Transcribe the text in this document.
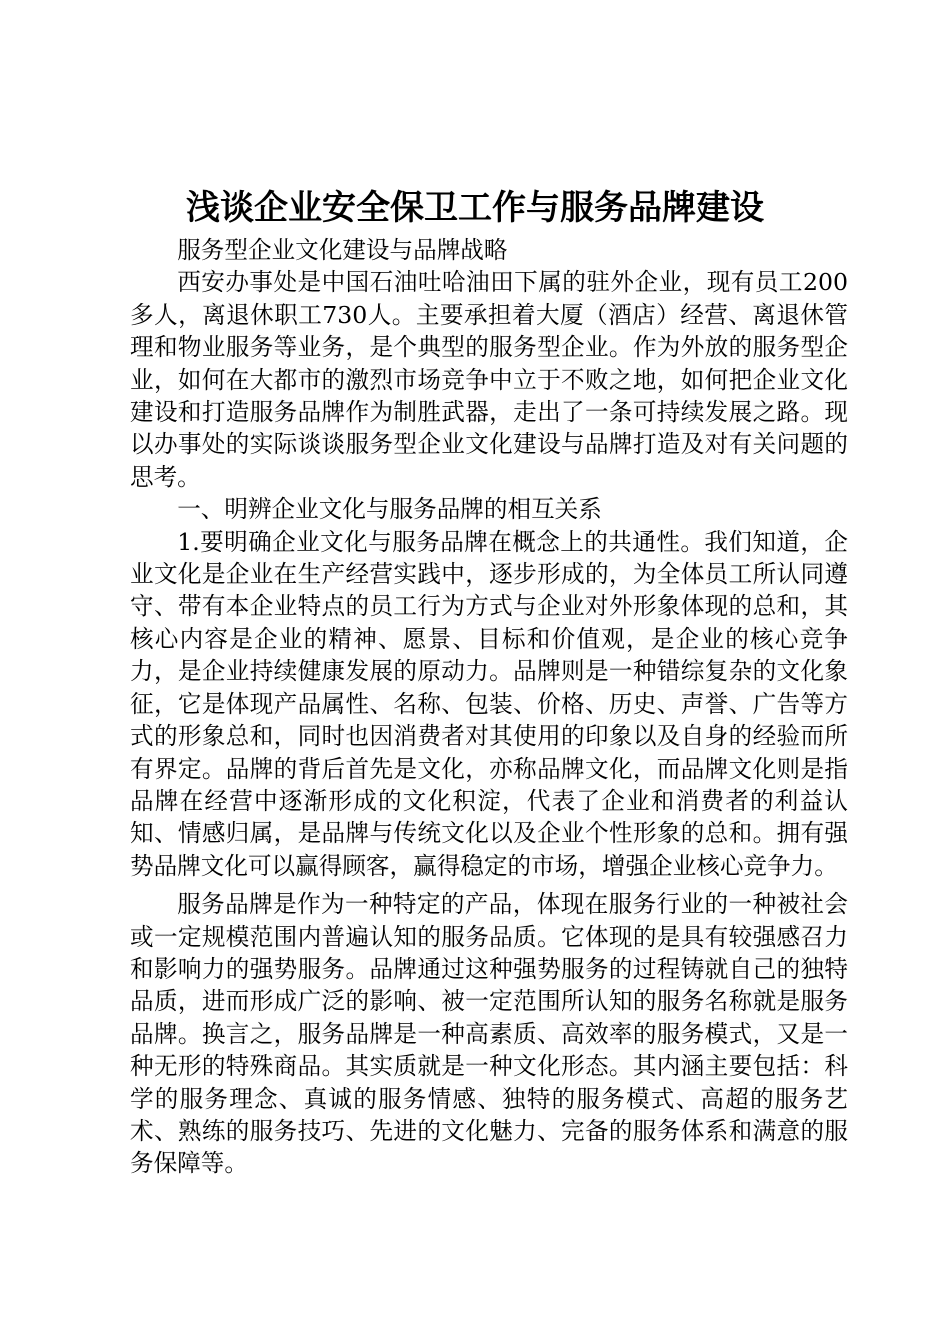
浅谈企业安全保卫工作与服务品牌建设

服务型企业文化建设与品牌战略

西安办事处是中国石油吐哈油田下属的驻外企业，现有员工200多人，离退休职工730人。主要承担着大厦（酒店）经营、离退休管理和物业服务等业务，是个典型的服务型企业。作为外放的服务型企业，如何在大都市的激烈市场竞争中立于不败之地，如何把企业文化建设和打造服务品牌作为制胜武器，走出了一条可持续发展之路。现以办事处的实际谈谈服务型企业文化建设与品牌打造及对有关问题的思考。

一、明辨企业文化与服务品牌的相互关系

1.要明确企业文化与服务品牌在概念上的共通性。我们知道，企业文化是企业在生产经营实践中，逐步形成的，为全体员工所认同遵守、带有本企业特点的员工行为方式与企业对外形象体现的总和，其核心内容是企业的精神、愿景、目标和价值观，是企业的核心竞争力，是企业持续健康发展的原动力。品牌则是一种错综复杂的文化象征，它是体现产品属性、名称、包装、价格、历史、声誉、广告等方式的形象总和，同时也因消费者对其使用的印象以及自身的经验而所有界定。品牌的背后首先是文化，亦称品牌文化，而品牌文化则是指品牌在经营中逐渐形成的文化积淀，代表了企业和消费者的利益认知、情感归属，是品牌与传统文化以及企业个性形象的总和。拥有强势品牌文化可以赢得顾客，赢得稳定的市场，增强企业核心竞争力。

服务品牌是作为一种特定的产品，体现在服务行业的一种被社会或一定规模范围内普遍认知的服务品质。它体现的是具有较强感召力和影响力的强势服务。品牌通过这种强势服务的过程铸就自己的独特品质，进而形成广泛的影响、被一定范围所认知的服务名称就是服务品牌。换言之，服务品牌是一种高素质、高效率的服务模式，又是一种无形的特殊商品。其实质就是一种文化形态。其内涵主要包括：科学的服务理念、真诚的服务情感、独特的服务模式、高超的服务艺术、熟练的服务技巧、先进的文化魅力、完备的服务体系和满意的服务保障等。
